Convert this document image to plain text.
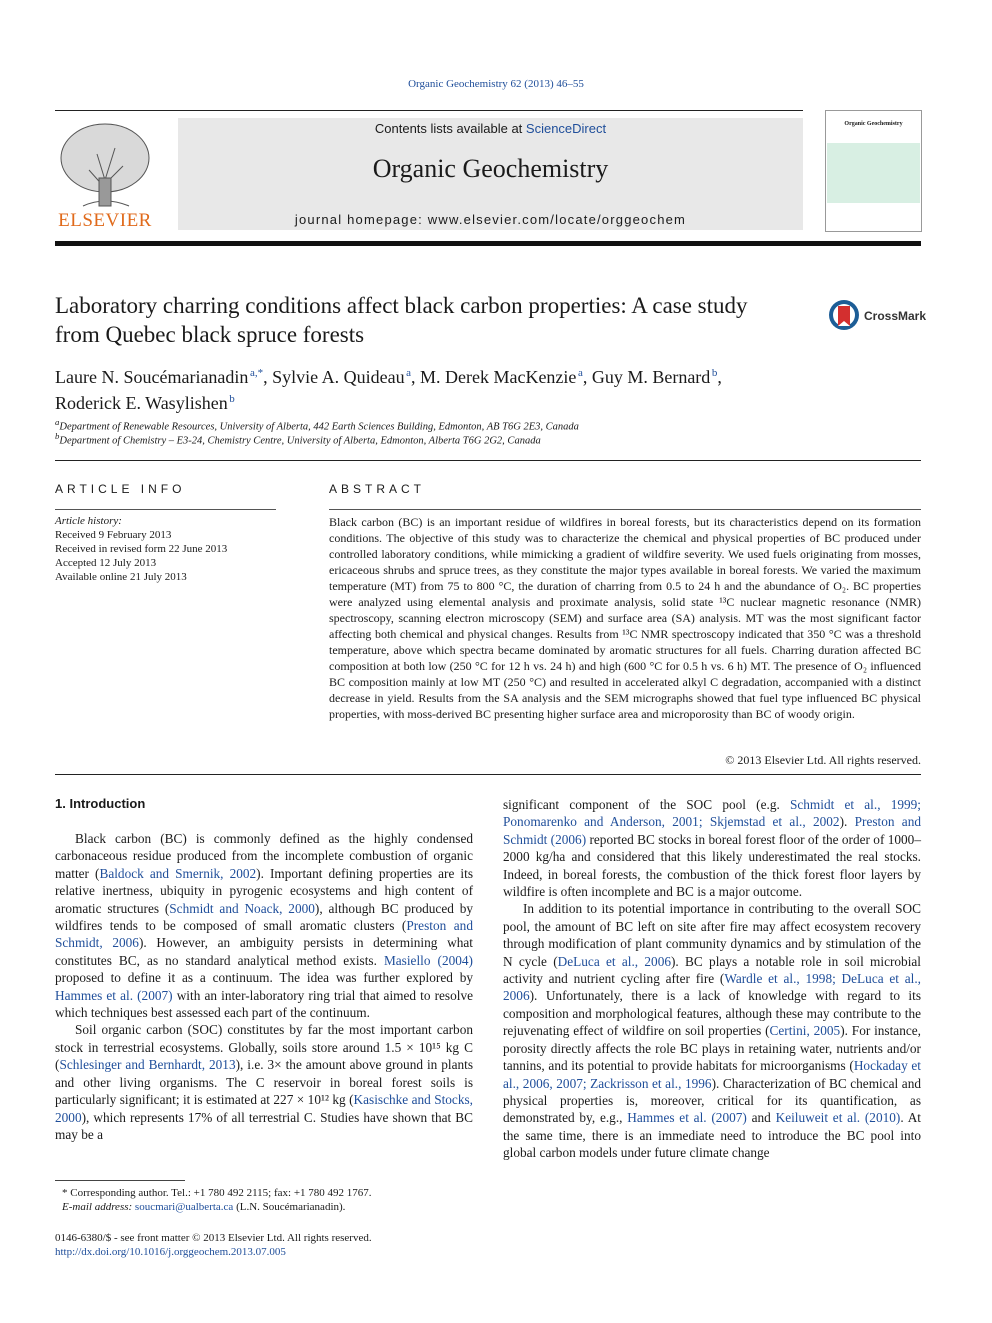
Organic Geochemistry 62 (2013) 46–55
ELSEVIER
Contents lists available at ScienceDirect
Organic Geochemistry
journal homepage: www.elsevier.com/locate/orggeochem
Organic Geochemistry
Laboratory charring conditions affect black carbon properties: A case study from Quebec black spruce forests
CrossMark
Laure N. Soucémarianadin  $^{a,*}$, Sylvie A. Quideau  $^a$, M. Derek MacKenzie  $^a$, Guy M. Bernard  $^b$,
Roderick E. Wasylishen  $^b$
$^a$Department of Renewable Resources, University of Alberta, 442 Earth Sciences Building, Edmonton, AB T6G 2E3, Canada
$^b$Department of Chemistry – E3-24, Chemistry Centre, University of Alberta, Edmonton, Alberta T6G 2G2, Canada
ARTICLE INFO
Article history:
Received 9 February 2013
Received in revised form 22 June 2013
Accepted 12 July 2013
Available online 21 July 2013
ABSTRACT
Black carbon (BC) is an important residue of wildfires in boreal forests, but its characteristics depend on its formation conditions. The objective of this study was to characterize the chemical and physical properties of BC produced under controlled laboratory conditions, while mimicking a gradient of wildfire severity. We used fuels originating from mosses, ericaceous shrubs and spruce trees, as they constitute the major types available in boreal forests. We varied the maximum temperature (MT) from 75 to 800 °C, the duration of charring from 0.5 to 24 h and the abundance of O₂. BC properties were analyzed using elemental analysis and proximate analysis, solid state ¹³C nuclear magnetic resonance (NMR) spectroscopy, scanning electron microscopy (SEM) and surface area (SA) analysis. MT was the most significant factor affecting both chemical and physical changes. Results from ¹³C NMR spectroscopy indicated that 350 °C was a threshold temperature, above which spectra became dominated by aromatic structures for all fuels. Charring duration affected BC composition at both low (250 °C for 12 h vs. 24 h) and high (600 °C for 0.5 h vs. 6 h) MT. The presence of O₂ influenced BC composition mainly at low MT (250 °C) and resulted in accelerated alkyl C degradation, accompanied with a distinct decrease in yield. Results from the SA analysis and the SEM micrographs showed that fuel type influenced BC physical properties, with moss-derived BC presenting higher surface area and microporosity than BC of woody origin.
© 2013 Elsevier Ltd. All rights reserved.
1. Introduction

Black carbon (BC) is commonly defined as the highly condensed carbonaceous residue produced from the incomplete combustion of organic matter (Baldock and Smernik, 2002). Important defining properties are its relative inertness, ubiquity in pyrogenic ecosystems and high content of aromatic structures (Schmidt and Noack, 2000), although BC produced by wildfires tends to be composed of small aromatic clusters (Preston and Schmidt, 2006). However, an ambiguity persists in determining what constitutes BC, as no standard analytical method exists. Masiello (2004) proposed to define it as a continuum. The idea was further explored by Hammes et al. (2007) with an inter-laboratory ring trial that aimed to resolve which techniques best assessed each part of the continuum.

Soil organic carbon (SOC) constitutes by far the most important carbon stock in terrestrial ecosystems. Globally, soils store around 1.5 × 10¹⁵ kg C (Schlesinger and Bernhardt, 2013), i.e. 3× the amount above ground in plants and other living organisms. The C reservoir in boreal forest soils is particularly significant; it is estimated at 227 × 10¹² kg (Kasischke and Stocks, 2000), which represents 17% of all terrestrial C. Studies have shown that BC may be a

significant component of the SOC pool (e.g. Schmidt et al., 1999; Ponomarenko and Anderson, 2001; Skjemstad et al., 2002). Preston and Schmidt (2006) reported BC stocks in boreal forest floor of the order of 1000–2000 kg/ha and considered that this likely underestimated the real stocks. Indeed, in boreal forests, the combustion of the thick forest floor layers by wildfire is often incomplete and BC is a major outcome.

In addition to its potential importance in contributing to the overall SOC pool, the amount of BC left on site after fire may affect ecosystem recovery through modification of plant community dynamics and by stimulation of the N cycle (DeLuca et al., 2006). BC plays a notable role in soil microbial activity and nutrient cycling after fire (Wardle et al., 1998; DeLuca et al., 2006). Unfortunately, there is a lack of knowledge with regard to its composition and morphological features, although these may contribute to the rejuvenating effect of wildfire on soil properties (Certini, 2005). For instance, porosity directly affects the role BC plays in retaining water, nutrients and/or tannins, and its potential to provide habitats for microorganisms (Hockaday et al., 2006, 2007; Zackrisson et al., 1996). Characterization of BC chemical and physical properties is, moreover, critical for its quantification, as demonstrated by, e.g., Hammes et al. (2007) and Keiluweit et al. (2010). At the same time, there is an immediate need to introduce the BC pool into global carbon models under future climate change

* Corresponding author. Tel.: +1 780 492 2115; fax: +1 780 492 1767.
E-mail address: soucmari@ualberta.ca (L.N. Soucémarianadin).
0146-6380/$ - see front matter © 2013 Elsevier Ltd. All rights reserved.
http://dx.doi.org/10.1016/j.orggeochem.2013.07.005
